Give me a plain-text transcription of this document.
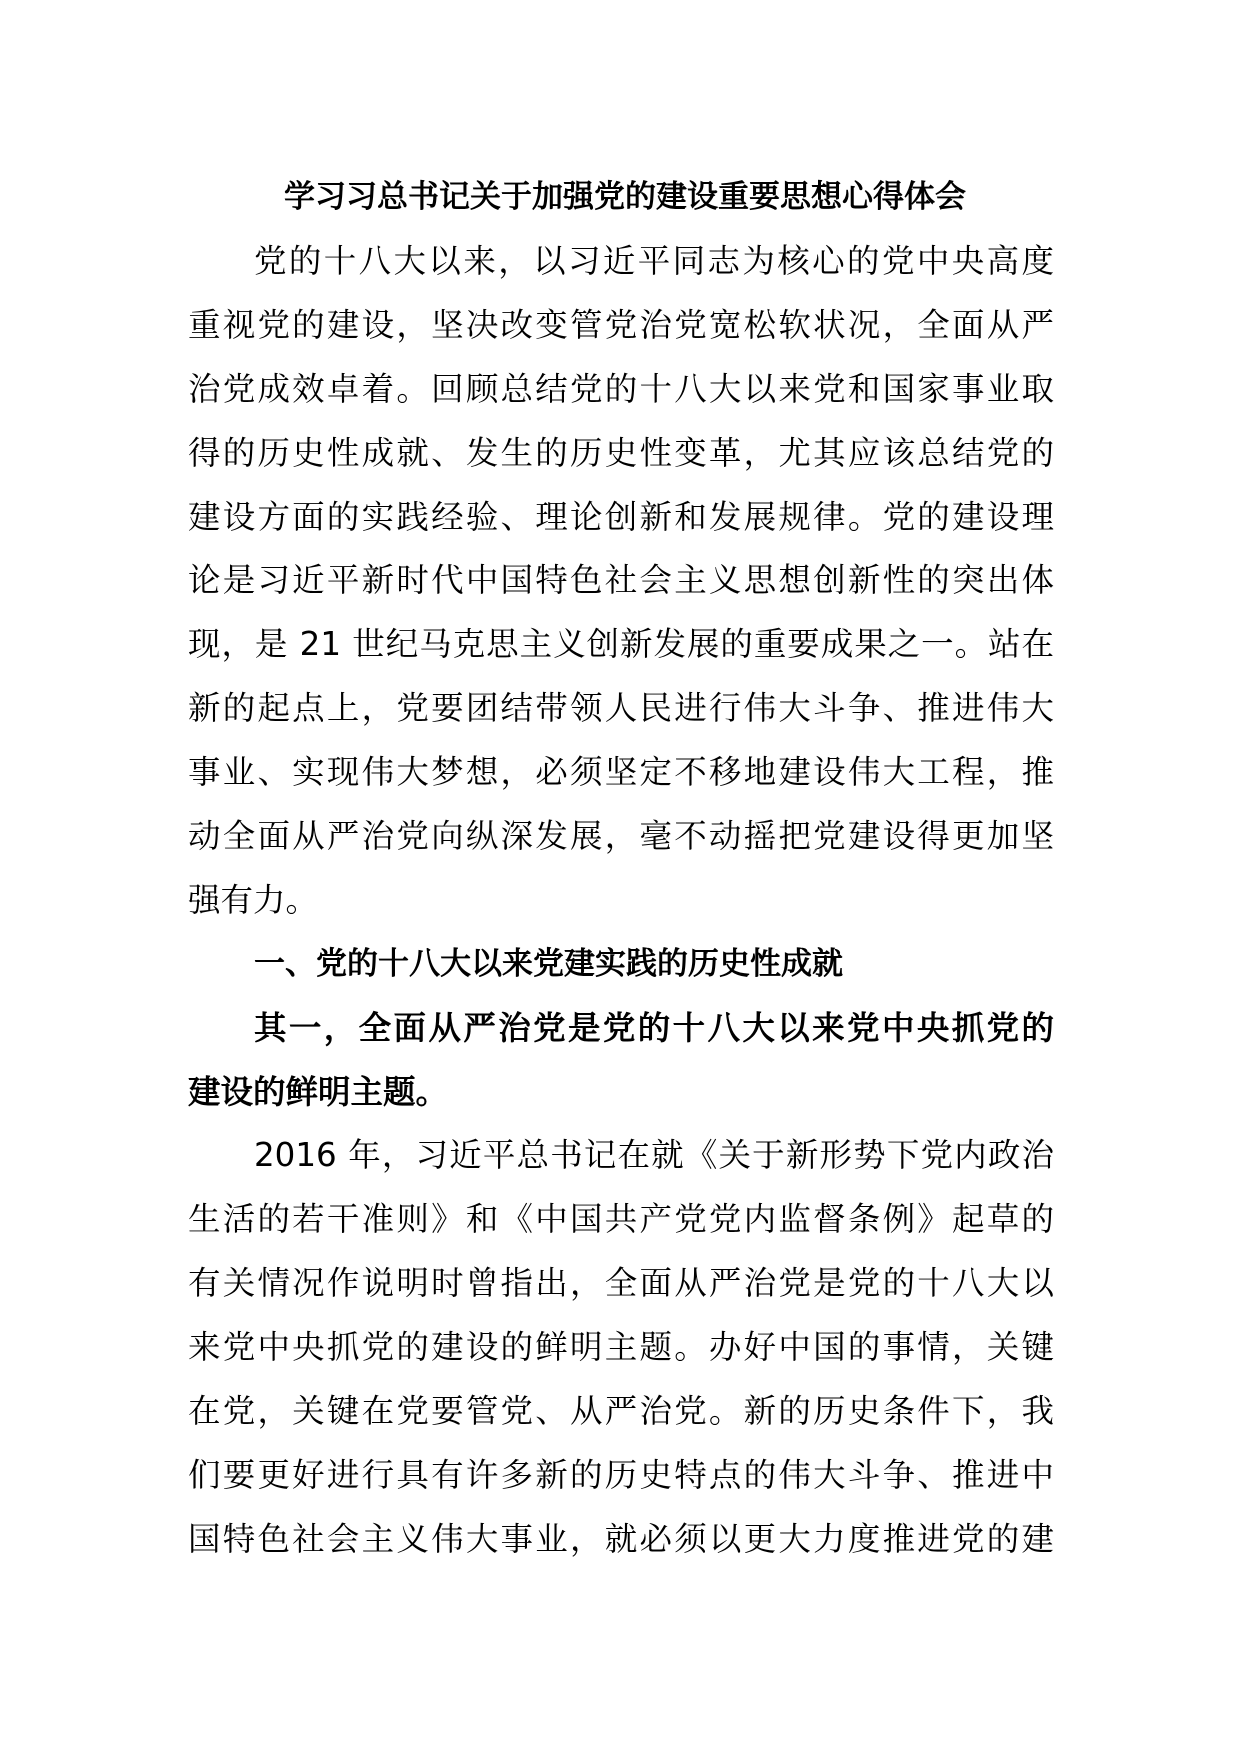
学习习总书记关于加强党的建设重要思想心得体会
党的十八大以来，以习近平同志为核心的党中央高度
重视党的建设，坚决改变管党治党宽松软状况，全面从严
治党成效卓着。回顾总结党的十八大以来党和国家事业取
得的历史性成就、发生的历史性变革，尤其应该总结党的
建设方面的实践经验、理论创新和发展规律。党的建设理
论是习近平新时代中国特色社会主义思想创新性的突出体
现，是 21 世纪马克思主义创新发展的重要成果之一。站在
新的起点上，党要团结带领人民进行伟大斗争、推进伟大
事业、实现伟大梦想，必须坚定不移地建设伟大工程，推
动全面从严治党向纵深发展，毫不动摇把党建设得更加坚
强有力。
一、党的十八大以来党建实践的历史性成就
其一，全面从严治党是党的十八大以来党中央抓党的
建设的鲜明主题。
2016 年，习近平总书记在就《关于新形势下党内政治
生活的若干准则》和《中国共产党党内监督条例》起草的
有关情况作说明时曾指出，全面从严治党是党的十八大以
来党中央抓党的建设的鲜明主题。办好中国的事情，关键
在党，关键在党要管党、从严治党。新的历史条件下，我
们要更好进行具有许多新的历史特点的伟大斗争、推进中
国特色社会主义伟大事业，就必须以更大力度推进党的建
